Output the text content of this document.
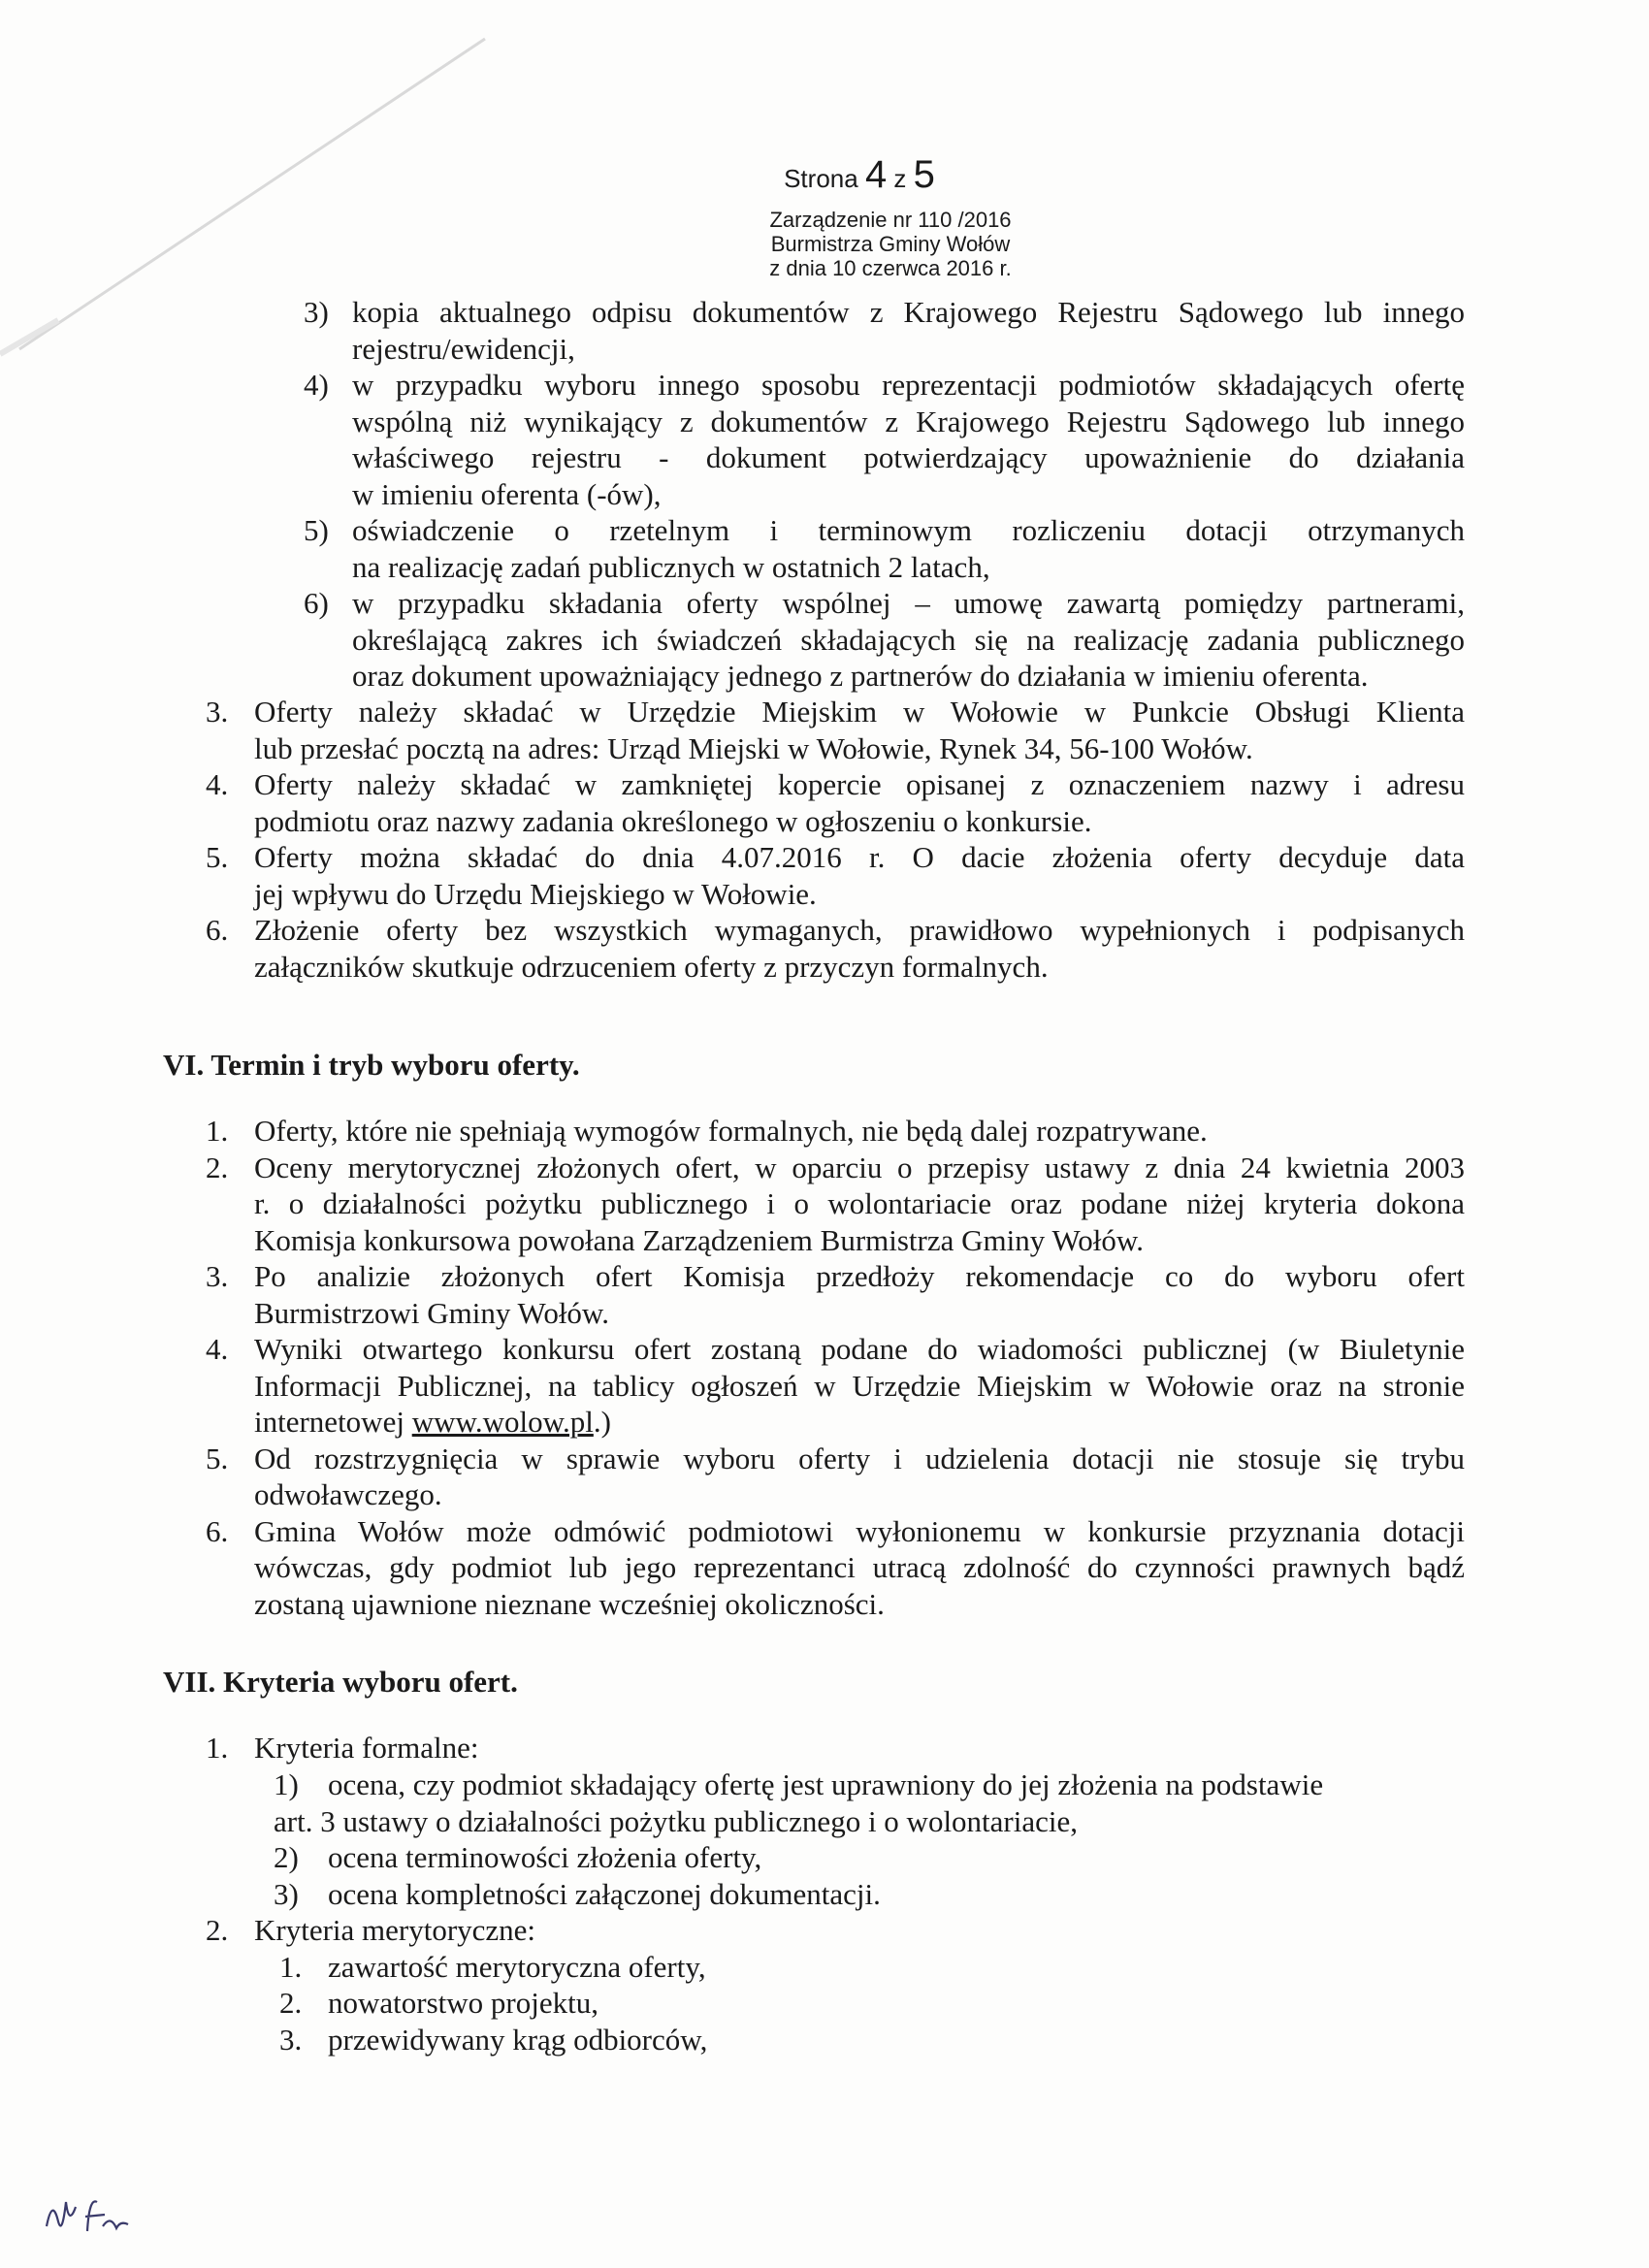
Strona 4 z 5
Zarządzenie nr 110 /2016
Burmistrza Gminy Wołów
z dnia 10 czerwca 2016 r.
3) kopia aktualnego odpisu dokumentów z Krajowego Rejestru Sądowego lub innego
rejestru/ewidencji,
4) w przypadku wyboru innego sposobu reprezentacji podmiotów składających ofertę
wspólną niż wynikający z dokumentów z Krajowego Rejestru Sądowego lub innego
właściwego rejestru - dokument potwierdzający upoważnienie do działania
w imieniu oferenta (-ów),
5) oświadczenie o rzetelnym i terminowym rozliczeniu dotacji otrzymanych
na realizację zadań publicznych w ostatnich 2 latach,
6) w przypadku składania oferty wspólnej – umowę zawartą pomiędzy partnerami,
określającą zakres ich świadczeń składających się na realizację zadania publicznego
oraz dokument upoważniający jednego z partnerów do działania w imieniu oferenta.
3. Oferty należy składać w Urzędzie Miejskim w Wołowie w Punkcie Obsługi Klienta
lub przesłać pocztą na adres: Urząd Miejski w Wołowie, Rynek 34, 56-100 Wołów.
4. Oferty należy składać w zamkniętej kopercie opisanej z oznaczeniem nazwy i adresu
podmiotu oraz nazwy zadania określonego w ogłoszeniu o konkursie.
5. Oferty można składać do dnia 4.07.2016 r. O dacie złożenia oferty decyduje data
jej wpływu do Urzędu Miejskiego w Wołowie.
6. Złożenie oferty bez wszystkich wymaganych, prawidłowo wypełnionych i podpisanych
załączników skutkuje odrzuceniem oferty z przyczyn formalnych.
VI. Termin i tryb wyboru oferty.
1. Oferty, które nie spełniają wymogów formalnych, nie będą dalej rozpatrywane.
2. Oceny merytorycznej złożonych ofert, w oparciu o przepisy ustawy z dnia 24 kwietnia 2003
r. o działalności pożytku publicznego i o wolontariacie oraz podane niżej kryteria dokona
Komisja konkursowa powołana Zarządzeniem Burmistrza Gminy Wołów.
3. Po analizie złożonych ofert Komisja przedłoży rekomendacje co do wyboru ofert
Burmistrzowi Gminy Wołów.
4. Wyniki otwartego konkursu ofert zostaną podane do wiadomości publicznej (w Biuletynie
Informacji Publicznej, na tablicy ogłoszeń w Urzędzie Miejskim w Wołowie oraz na stronie
internetowej www.wolow.pl.)
5. Od rozstrzygnięcia w sprawie wyboru oferty i udzielenia dotacji nie stosuje się trybu
odwoławczego.
6. Gmina Wołów może odmówić podmiotowi wyłonionemu w konkursie przyznania dotacji
wówczas, gdy podmiot lub jego reprezentanci utracą zdolność do czynności prawnych bądź
zostaną ujawnione nieznane wcześniej okoliczności.
VII. Kryteria wyboru ofert.
1. Kryteria formalne:
1) ocena, czy podmiot składający ofertę jest uprawniony do jej złożenia na podstawie
art. 3 ustawy o działalności pożytku publicznego i o wolontariacie,
2) ocena terminowości złożenia oferty,
3) ocena kompletności załączonej dokumentacji.
2. Kryteria merytoryczne:
1. zawartość merytoryczna oferty,
2. nowatorstwo projektu,
3. przewidywany krąg odbiorców,
